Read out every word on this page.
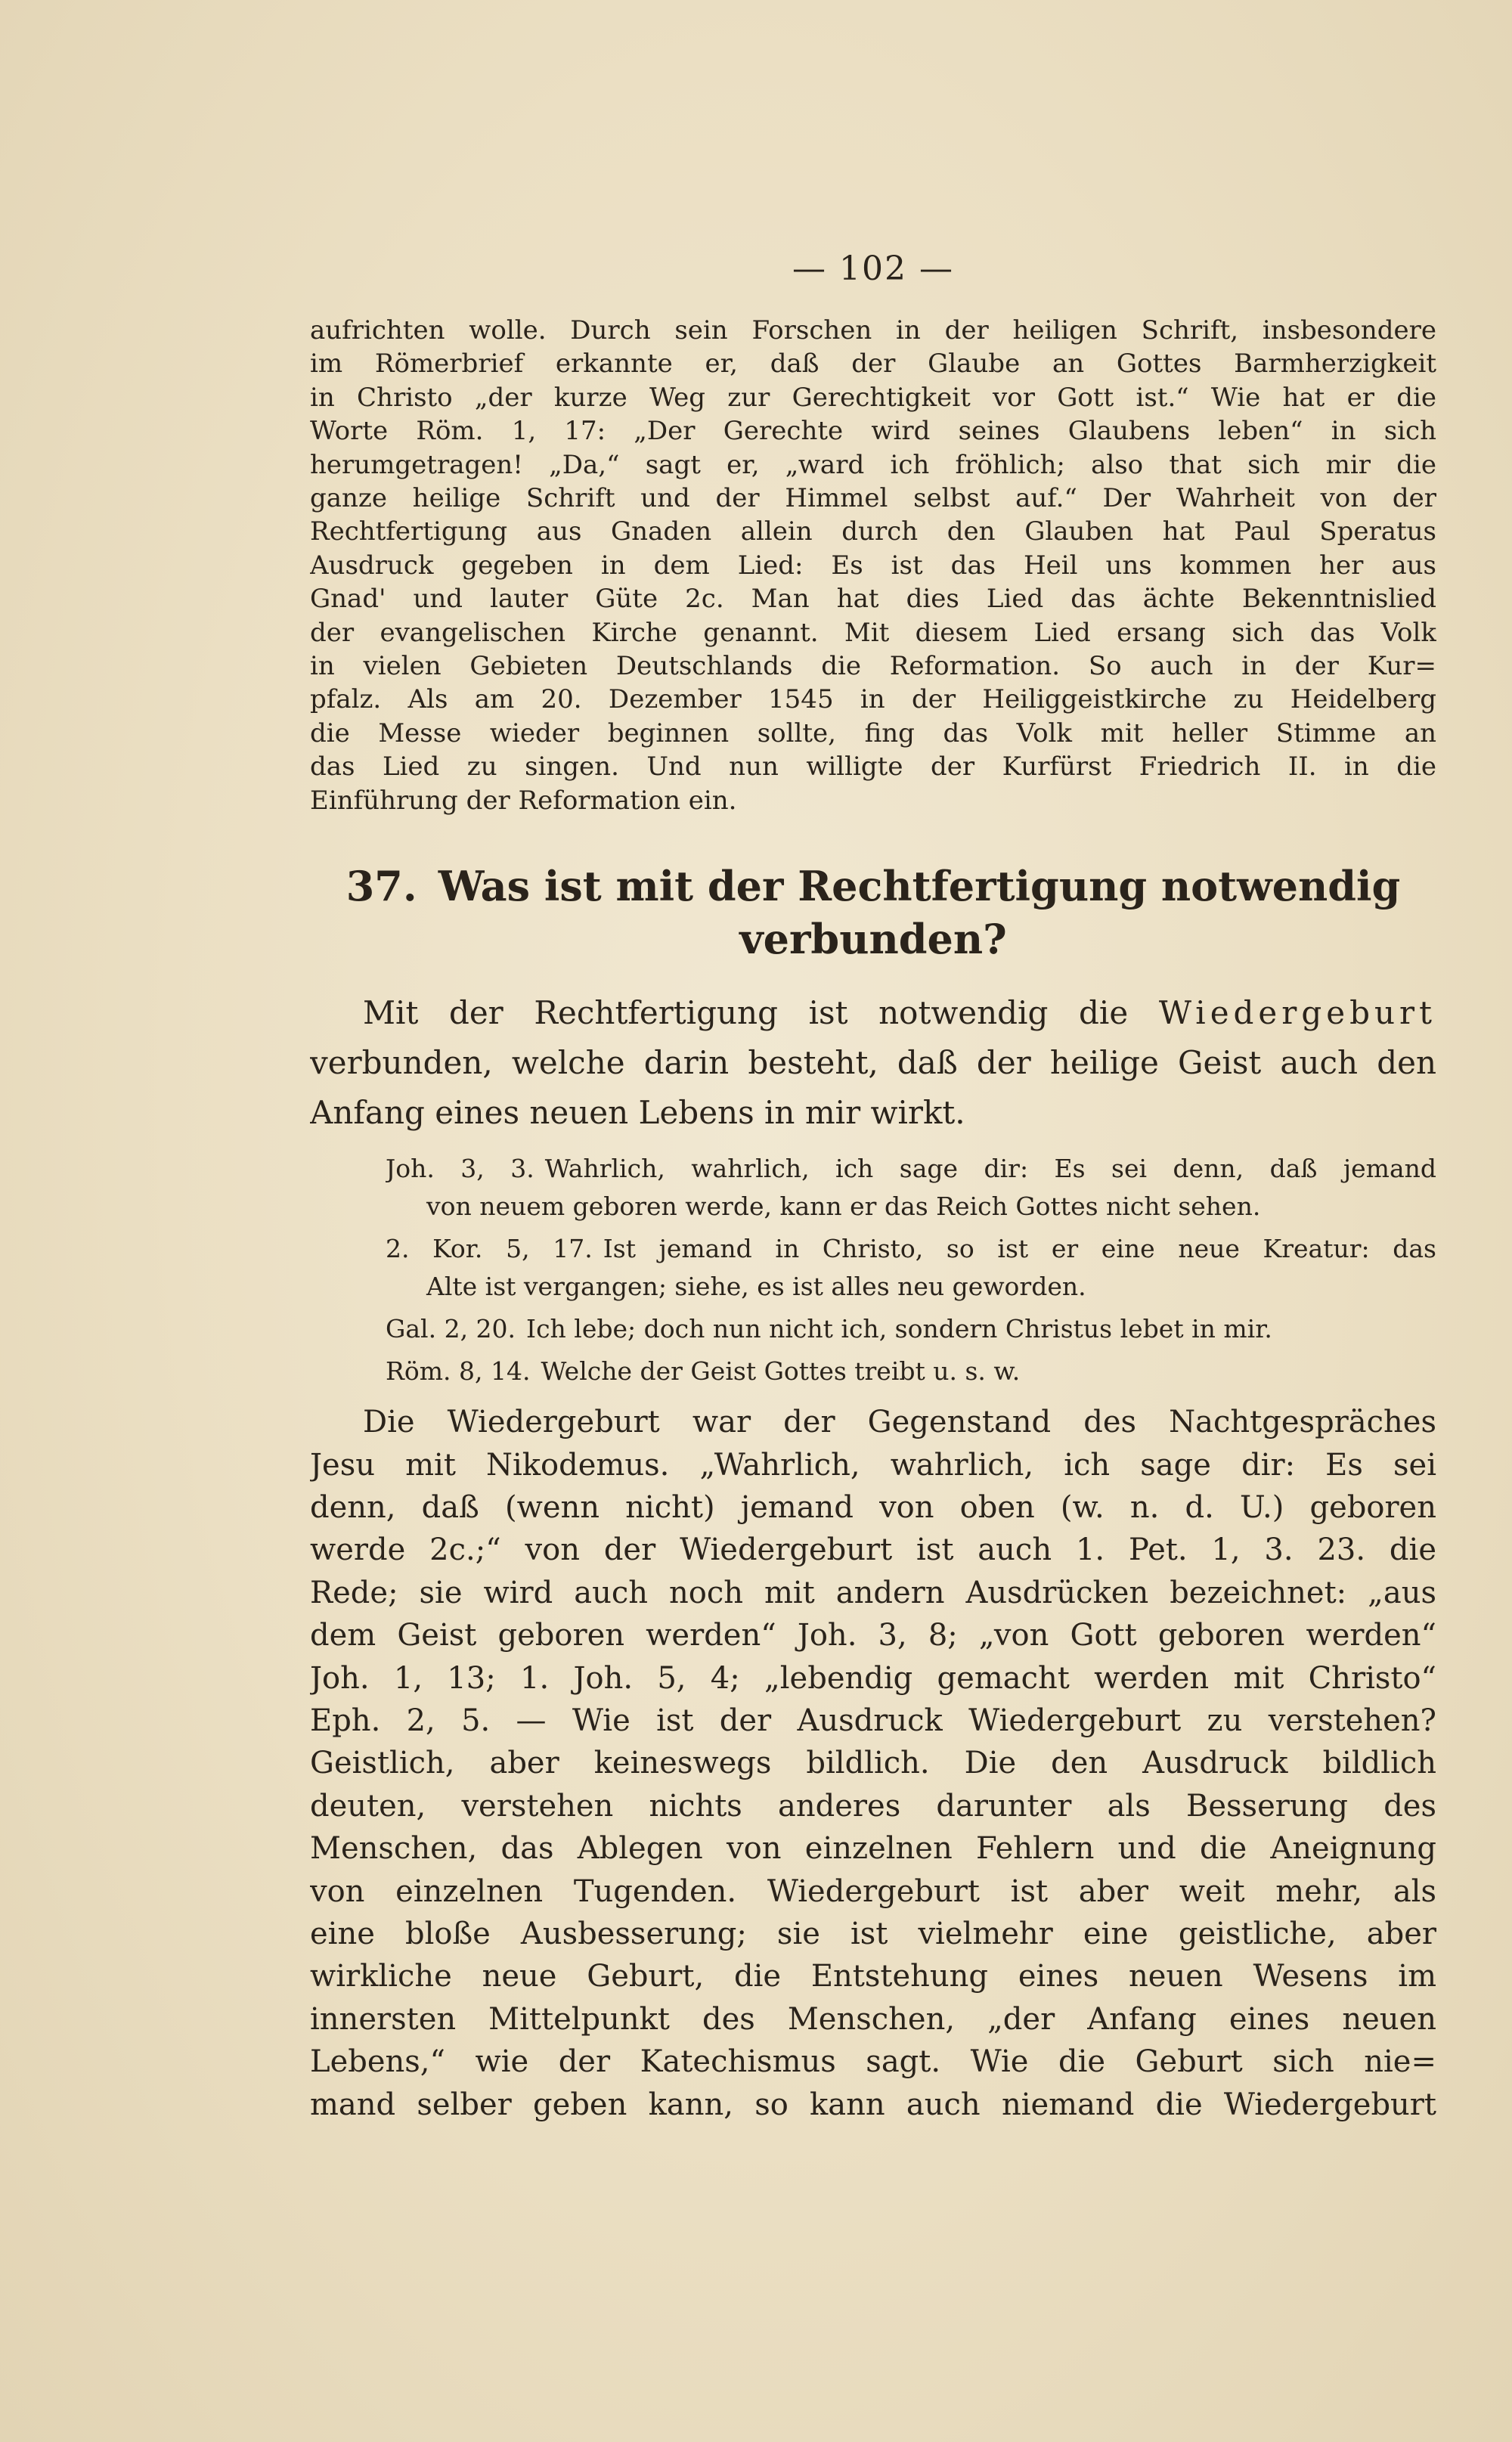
— 102 —
aufrichten wolle. Durch sein Forschen in der heiligen Schrift, insbesondere
im Römerbrief erkannte er, daß der Glaube an Gottes Barmherzigkeit
in Christo „der kurze Weg zur Gerechtigkeit vor Gott ist.“ Wie hat er die
Worte Röm. 1, 17: „Der Gerechte wird seines Glaubens leben“ in sich
herumgetragen! „Da,“ sagt er, „ward ich fröhlich; also that sich mir die
ganze heilige Schrift und der Himmel selbst auf.“ Der Wahrheit von der
Rechtfertigung aus Gnaden allein durch den Glauben hat Paul Speratus
Ausdruck gegeben in dem Lied: Es ist das Heil uns kommen her aus
Gnad' und lauter Güte 2c. Man hat dies Lied das ächte Bekenntnislied
der evangelischen Kirche genannt. Mit diesem Lied ersang sich das Volk
in vielen Gebieten Deutschlands die Reformation. So auch in der Kur=
pfalz. Als am 20. Dezember 1545 in der Heiliggeistkirche zu Heidelberg
die Messe wieder beginnen sollte, fing das Volk mit heller Stimme an
das Lied zu singen. Und nun willigte der Kurfürst Friedrich II. in die
Einführung der Reformation ein.
37. Was ist mit der Rechtfertigung notwendig
verbunden?
Mit der Rechtfertigung ist notwendig die Wiedergeburt
verbunden, welche darin besteht, daß der heilige Geist auch den
Anfang eines neuen Lebens in mir wirkt.
Joh. 3, 3. Wahrlich, wahrlich, ich sage dir: Es sei denn, daß jemand
von neuem geboren werde, kann er das Reich Gottes nicht sehen.
2. Kor. 5, 17. Ist jemand in Christo, so ist er eine neue Kreatur: das
Alte ist vergangen; siehe, es ist alles neu geworden.
Gal. 2, 20. Ich lebe; doch nun nicht ich, sondern Christus lebet in mir.
Röm. 8, 14. Welche der Geist Gottes treibt u. s. w.
Die Wiedergeburt war der Gegenstand des Nachtgespräches
Jesu mit Nikodemus. „Wahrlich, wahrlich, ich sage dir: Es sei
denn, daß (wenn nicht) jemand von oben (w. n. d. U.) geboren
werde 2c.;“ von der Wiedergeburt ist auch 1. Pet. 1, 3. 23. die
Rede; sie wird auch noch mit andern Ausdrücken bezeichnet: „aus
dem Geist geboren werden“ Joh. 3, 8; „von Gott geboren werden“
Joh. 1, 13; 1. Joh. 5, 4; „lebendig gemacht werden mit Christo“
Eph. 2, 5. — Wie ist der Ausdruck Wiedergeburt zu verstehen?
Geistlich, aber keineswegs bildlich. Die den Ausdruck bildlich
deuten, verstehen nichts anderes darunter als Besserung des
Menschen, das Ablegen von einzelnen Fehlern und die Aneignung
von einzelnen Tugenden. Wiedergeburt ist aber weit mehr, als
eine bloße Ausbesserung; sie ist vielmehr eine geistliche, aber
wirkliche neue Geburt, die Entstehung eines neuen Wesens im
innersten Mittelpunkt des Menschen, „der Anfang eines neuen
Lebens,“ wie der Katechismus sagt. Wie die Geburt sich nie=
mand selber geben kann, so kann auch niemand die Wiedergeburt
